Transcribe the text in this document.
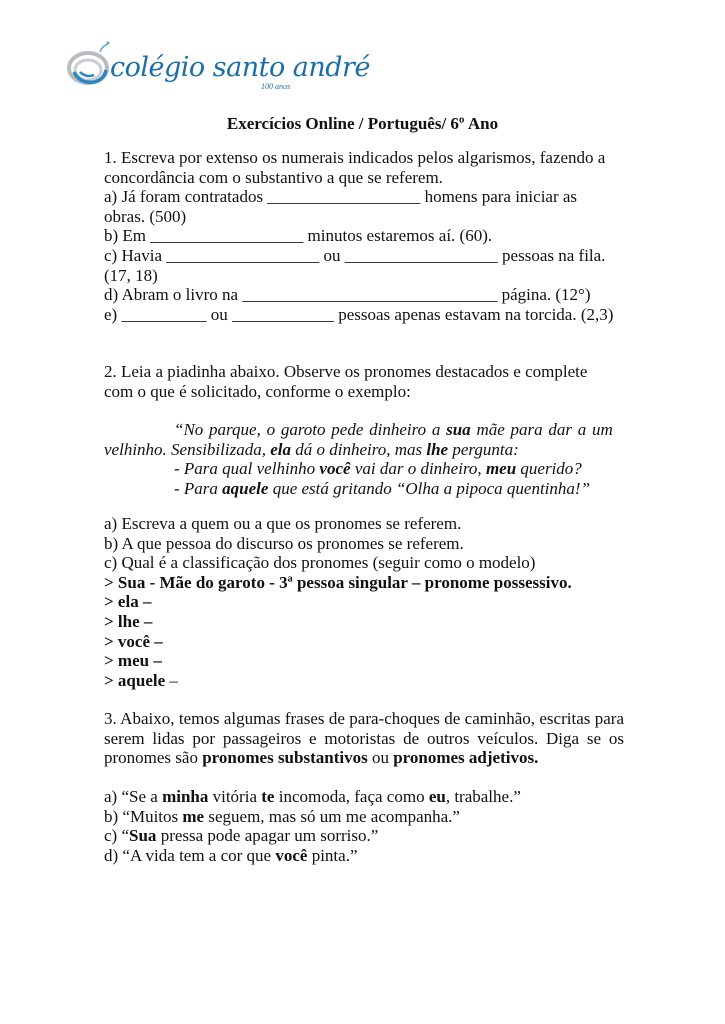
colégio santo andré
100 anos
Exercícios Online / Português/ 6º Ano
1. Escreva por extenso os numerais indicados pelos algarismos, fazendo a
concordância com o substantivo a que se referem.
a) Já foram contratados __________________ homens para iniciar as
obras. (500)
b) Em __________________ minutos estaremos aí. (60).
c) Havia __________________ ou __________________ pessoas na fila.
(17, 18)
d) Abram o livro na ______________________________ página. (12°)
e) __________ ou ____________ pessoas apenas estavam na torcida. (2,3)
2. Leia a piadinha abaixo. Observe os pronomes destacados e complete
com o que é solicitado, conforme o exemplo:
“No parque, o garoto pede dinheiro a sua mãe para dar a um
velhinho. Sensibilizada, ela dá o dinheiro, mas lhe pergunta:
- Para qual velhinho você vai dar o dinheiro, meu querido?
- Para aquele que está gritando “Olha a pipoca quentinha!”
a) Escreva a quem ou a que os pronomes se referem.
b) A que pessoa do discurso os pronomes se referem.
c) Qual é a classificação dos pronomes (seguir como o modelo)
> Sua - Mãe do garoto - 3ª pessoa singular – pronome possessivo.
> ela –
> lhe –
> você –
> meu –
> aquele –
3. Abaixo, temos algumas frases de para-choques de caminhão, escritas para
serem lidas por passageiros e motoristas de outros veículos. Diga se os
pronomes são pronomes substantivos ou pronomes adjetivos.
a) “Se a minha vitória te incomoda, faça como eu, trabalhe.”
b) “Muitos me seguem, mas só um me acompanha.”
c) “Sua pressa pode apagar um sorriso.”
d) “A vida tem a cor que você pinta.”
